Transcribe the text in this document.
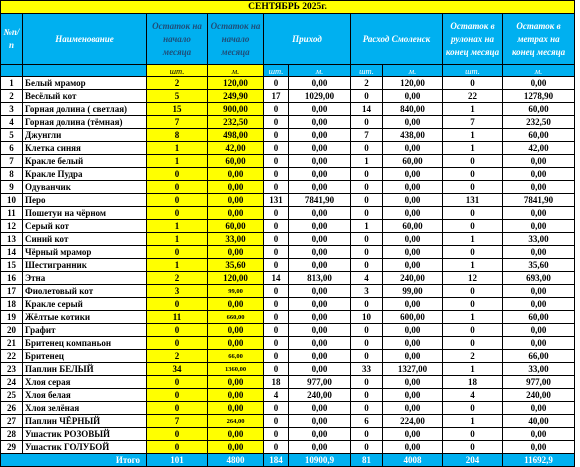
СЕНТЯБРЬ 2025г.									
№п/п	Наименование	Остаток на начало месяца	Остаток на начало месяца	Приход		Расход Смоленск		Остаток в рулонах на конец месяца	Остаток в метрах на конец месяца
		шт.	м.	шт.	м.	шт.	м.	шт.	м.
1	Белый мрамор	2	120,00	0	0,00	2	120,00	0	0,00
2	Весёлый кот	5	249,90	17	1029,00	0	0,00	22	1278,90
3	Горная долина ( светлая)	15	900,00	0	0,00	14	840,00	1	60,00
4	Горная долина (тёмная)	7	232,50	0	0,00	0	0,00	7	232,50
5	Джунгли	8	498,00	0	0,00	7	438,00	1	60,00
6	Клетка синяя	1	42,00	0	0,00	0	0,00	1	42,00
7	Кракле белый	1	60,00	0	0,00	1	60,00	0	0,00
8	Кракле Пудра	0	0,00	0	0,00	0	0,00	0	0,00
9	Одуванчик	0	0,00	0	0,00	0	0,00	0	0,00
10	Перо	0	0,00	131	7841,90	0	0,00	131	7841,90
11	Пошетуи на чёрном	0	0,00	0	0,00	0	0,00	0	0,00
12	Серый кот	1	60,00	0	0,00	1	60,00	0	0,00
13	Синий кот	1	33,00	0	0,00	0	0,00	1	33,00
14	Чёрный мрамор	0	0,00	0	0,00	0	0,00	0	0,00
15	Шестигранник	1	35,60	0	0,00	0	0,00	1	35,60
16	Этна	2	120,00	14	813,00	4	240,00	12	693,00
17	Фиолетовый кот	3	99,00	0	0,00	3	99,00	0	0,00
18	Кракле серый	0	0,00	0	0,00	0	0,00	0	0,00
19	Жёлтые котики	11	660,00	0	0,00	10	600,00	1	60,00
20	Графит	0	0,00	0	0,00	0	0,00	0	0,00
21	Бритенец компаньон	0	0,00	0	0,00	0	0,00	0	0,00
22	Бритенец	2	66,00	0	0,00	0	0,00	2	66,00
23	Паплин БЕЛЫЙ	34	1360,00	0	0,00	33	1327,00	1	33,00
24	Хлоя серая	0	0,00	18	977,00	0	0,00	18	977,00
25	Хлоя белая	0	0,00	4	240,00	0	0,00	4	240,00
26	Хлоя зелёная	0	0,00	0	0,00	0	0,00	0	0,00
27	Паплин ЧЁРНЫЙ	7	264,00	0	0,00	6	224,00	1	40,00
28	Ушастик РОЗОВЫЙ	0	0,00	0	0,00	0	0,00	0	0,00
29	Ушастик ГОЛУБОЙ	0	0,00	0	0,00	0	0,00	0	0,00
Итого		101	4800	184	10900,9	81	4008	204	11692,9
